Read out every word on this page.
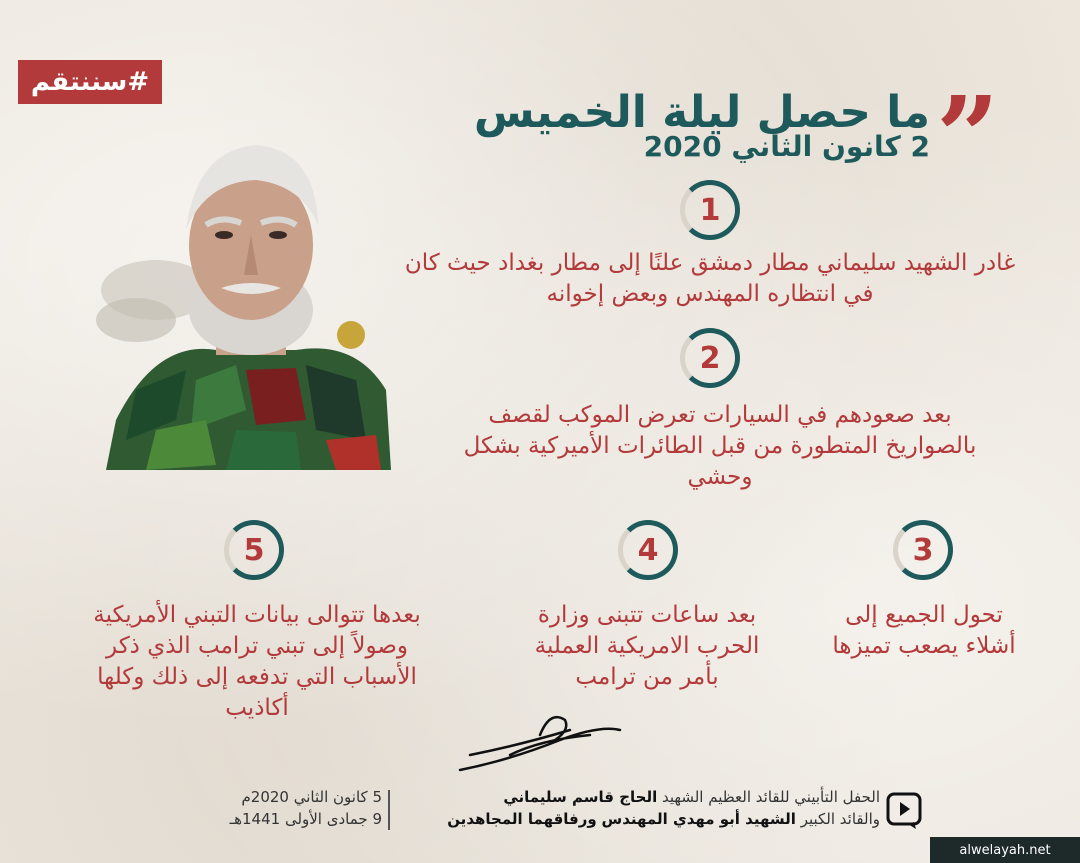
#سننتقم	”
ما حصل ليلة الخميس
2 كانون الثاني 2020
1
غادر الشهيد سليماني مطار دمشق علنًا إلى مطار بغداد حيث كان في انتظاره المهندس وبعض إخوانه
2
بعد صعودهم في السيارات تعرض الموكب لقصف بالصواريخ المتطورة من قبل الطائرات الأميركية بشكل وحشي
3
تحول الجميع إلى أشلاء يصعب تميزها
4
بعد ساعات تتبنى وزارة الحرب الامريكية العملية بأمر من ترامب
5
بعدها تتوالى بيانات التبني الأمريكية وصولاً إلى تبني ترامب الذي ذكر الأسباب التي تدفعه إلى ذلك وكلها أكاذيب
الحفل التأبيني للقائد العظيم الشهيد الحاج قاسم سليماني
والقائد الكبير الشهيد أبو مهدي المهندس ورفاقهما المجاهدين
5 كانون الثاني 2020م
9 جمادى الأولى 1441هـ
alwelayah.net
